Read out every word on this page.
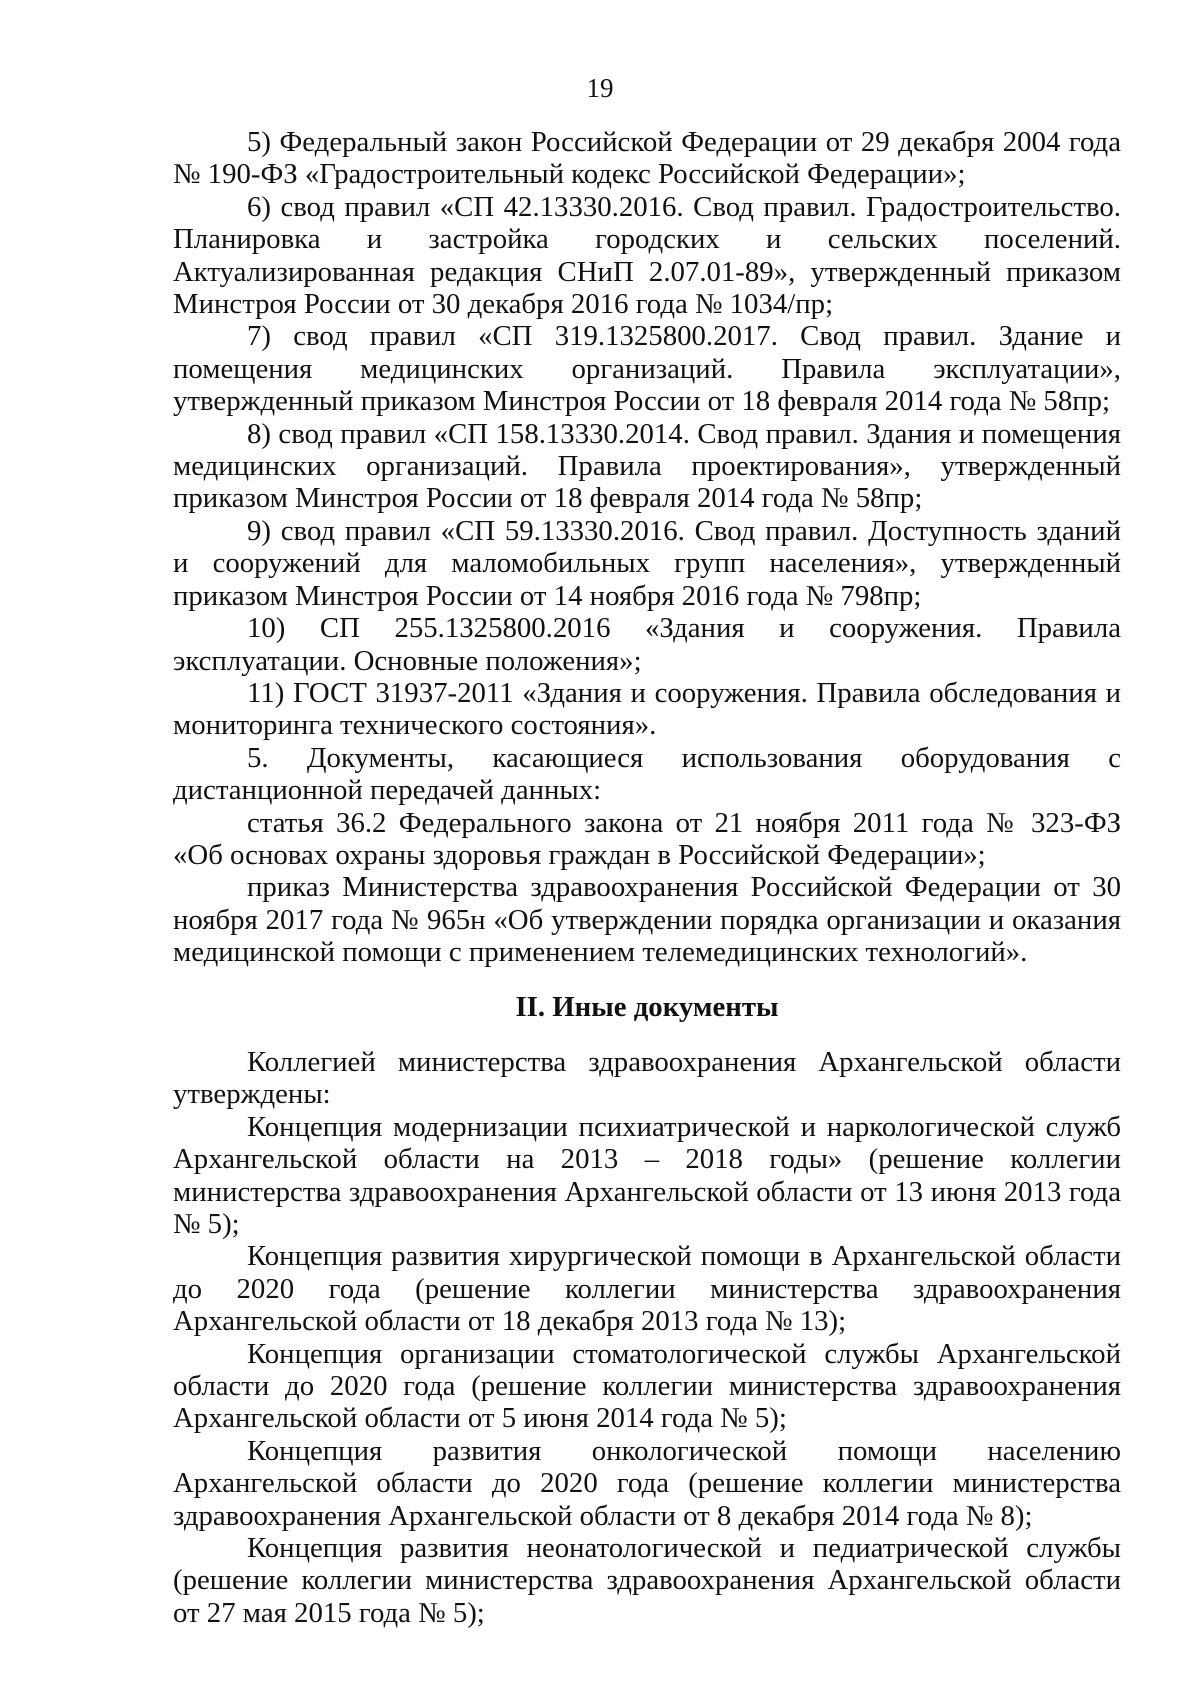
19

5) Федеральный закон Российской Федерации от 29 декабря 2004 года № 190-ФЗ «Градостроительный кодекс Российской Федерации»;

6) свод правил «СП 42.13330.2016. Свод правил. Градостроительство. Планировка и застройка городских и сельских поселений. Актуализированная редакция СНиП 2.07.01-89», утвержденный приказом Минстроя России от 30 декабря 2016 года № 1034/пр;

7) свод правил «СП 319.1325800.2017. Свод правил. Здание и помещения медицинских организаций. Правила эксплуатации», утвержденный приказом Минстроя России от 18 февраля 2014 года № 58пр;

8) свод правил «СП 158.13330.2014. Свод правил. Здания и помещения медицинских организаций. Правила проектирования», утвержденный приказом Минстроя России от 18 февраля 2014 года № 58пр;

9) свод правил «СП 59.13330.2016. Свод правил. Доступность зданий и сооружений для маломобильных групп населения», утвержденный приказом Минстроя России от 14 ноября 2016 года № 798пр;

10) СП 255.1325800.2016 «Здания и сооружения. Правила эксплуатации. Основные положения»;

11) ГОСТ 31937-2011 «Здания и сооружения. Правила обследования и мониторинга технического состояния».

5. Документы, касающиеся использования оборудования с дистанционной передачей данных:

статья 36.2 Федерального закона от 21 ноября 2011 года № 323-ФЗ «Об основах охраны здоровья граждан в Российской Федерации»;

приказ Министерства здравоохранения Российской Федерации от 30 ноября 2017 года № 965н «Об утверждении порядка организации и оказания медицинской помощи с применением телемедицинских технологий».

II. Иные документы

Коллегией министерства здравоохранения Архангельской области утверждены:

Концепция модернизации психиатрической и наркологической служб Архангельской области на 2013 – 2018 годы» (решение коллегии министерства здравоохранения Архангельской области от 13 июня 2013 года № 5);

Концепция развития хирургической помощи в Архангельской области до 2020 года (решение коллегии министерства здравоохранения Архангельской области от 18 декабря 2013 года № 13);

Концепция организации стоматологической службы Архангельской области до 2020 года (решение коллегии министерства здравоохранения Архангельской области от 5 июня 2014 года № 5);

Концепция развития онкологической помощи населению Архангельской области до 2020 года (решение коллегии министерства здравоохранения Архангельской области от 8 декабря 2014 года № 8);

Концепция развития неонатологической и педиатрической службы (решение коллегии министерства здравоохранения Архангельской области от 27 мая 2015 года № 5);
